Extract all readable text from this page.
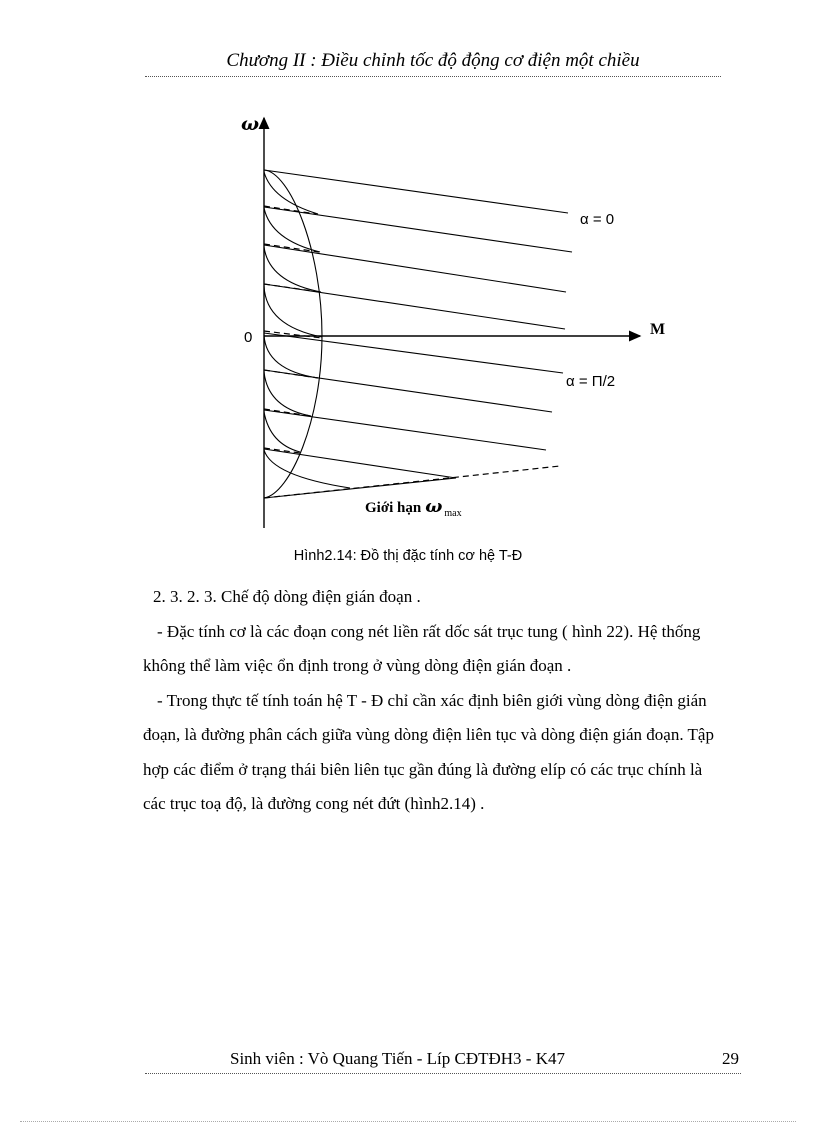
Chương II : Điều chỉnh tốc độ động cơ điện một chiều
ω
M
0
α = 0
α = Π/2
Giới hạn ω $_{max}$
Hình2.14: Đồ thị đặc tính cơ hệ T-Đ

2. 3. 2. 3. Chế độ dòng điện gián đoạn .

- Đặc tính cơ là các đoạn cong nét liền rất dốc sát trục tung ( hình 22). Hệ thống không thể làm việc ổn định trong ở vùng dòng điện gián đoạn .

- Trong thực tế tính toán hệ T - Đ chỉ cần xác định biên giới vùng dòng điện gián đoạn, là đường phân cách giữa vùng dòng điện liên tục và dòng điện gián đoạn. Tập hợp các điểm ở trạng thái biên liên tục gần đúng là đường elíp có các trục chính là các trục toạ độ, là đường cong nét đứt (hình2.14) .

Sinh viên : Vò Quang Tiến - Líp CĐTĐH3 - K47	29
